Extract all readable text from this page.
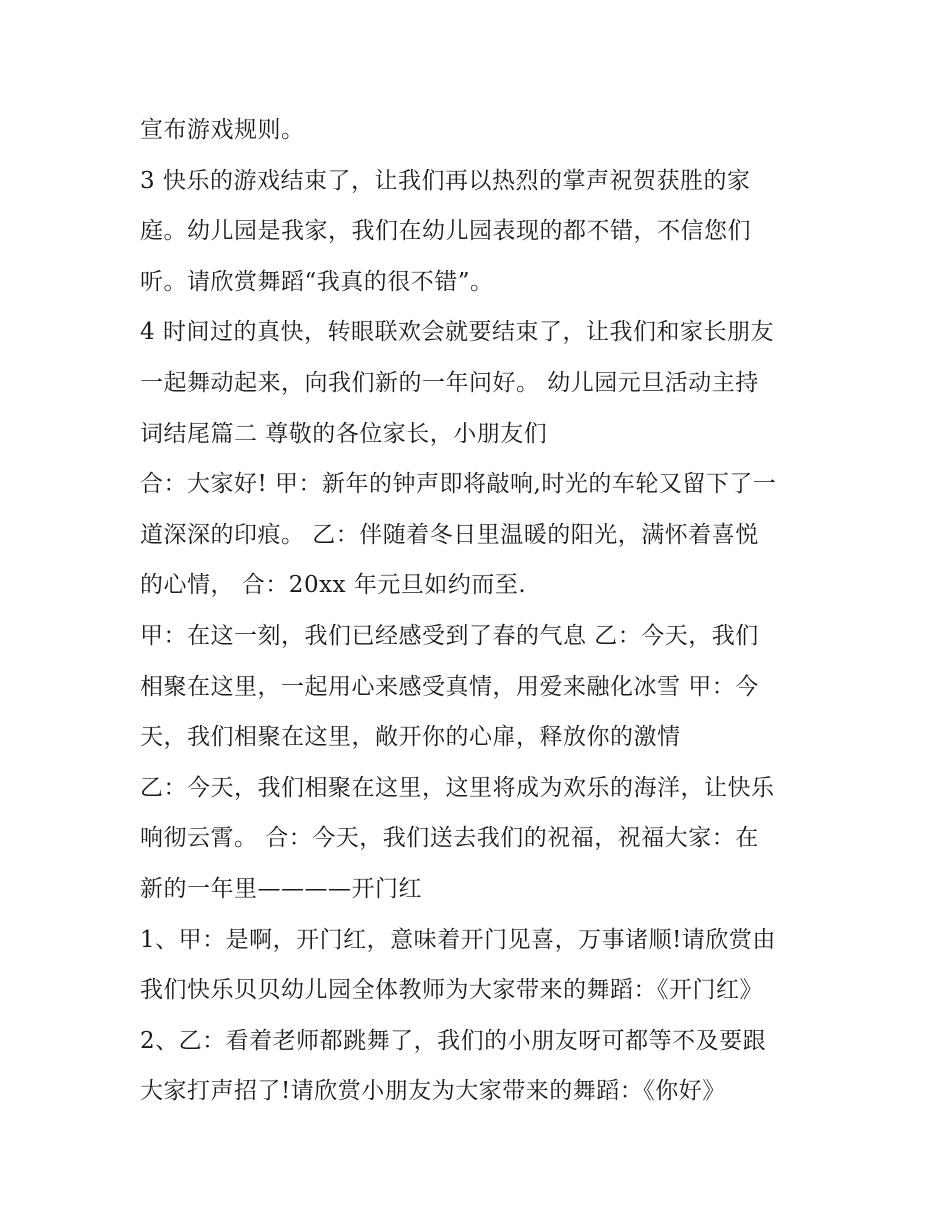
宣布游戏规则。
3 快乐的游戏结束了，让我们再以热烈的掌声祝贺获胜的家
庭。幼儿园是我家，我们在幼儿园表现的都不错，不信您们
听。请欣赏舞蹈“我真的很不错”。
4 时间过的真快，转眼联欢会就要结束了，让我们和家长朋友
一起舞动起来，向我们新的一年问好。 幼儿园元旦活动主持
词结尾篇二 尊敬的各位家长，小朋友们
合：大家好! 甲：新年的钟声即将敲响,时光的车轮又留下了一
道深深的印痕。 乙：伴随着冬日里温暖的阳光，满怀着喜悦
的心情， 合：20xx 年元旦如约而至.
甲：在这一刻，我们已经感受到了春的气息 乙：今天，我们
相聚在这里，一起用心来感受真情，用爱来融化冰雪 甲：今
天，我们相聚在这里，敞开你的心扉，释放你的激情
乙：今天，我们相聚在这里，这里将成为欢乐的海洋，让快乐
响彻云霄。 合：今天，我们送去我们的祝福，祝福大家：在
新的一年里————开门红
1、甲：是啊，开门红，意味着开门见喜，万事诸顺!请欣赏由
我们快乐贝贝幼儿园全体教师为大家带来的舞蹈：《开门红》
2、乙：看着老师都跳舞了，我们的小朋友呀可都等不及要跟
大家打声招了!请欣赏小朋友为大家带来的舞蹈：《你好》
